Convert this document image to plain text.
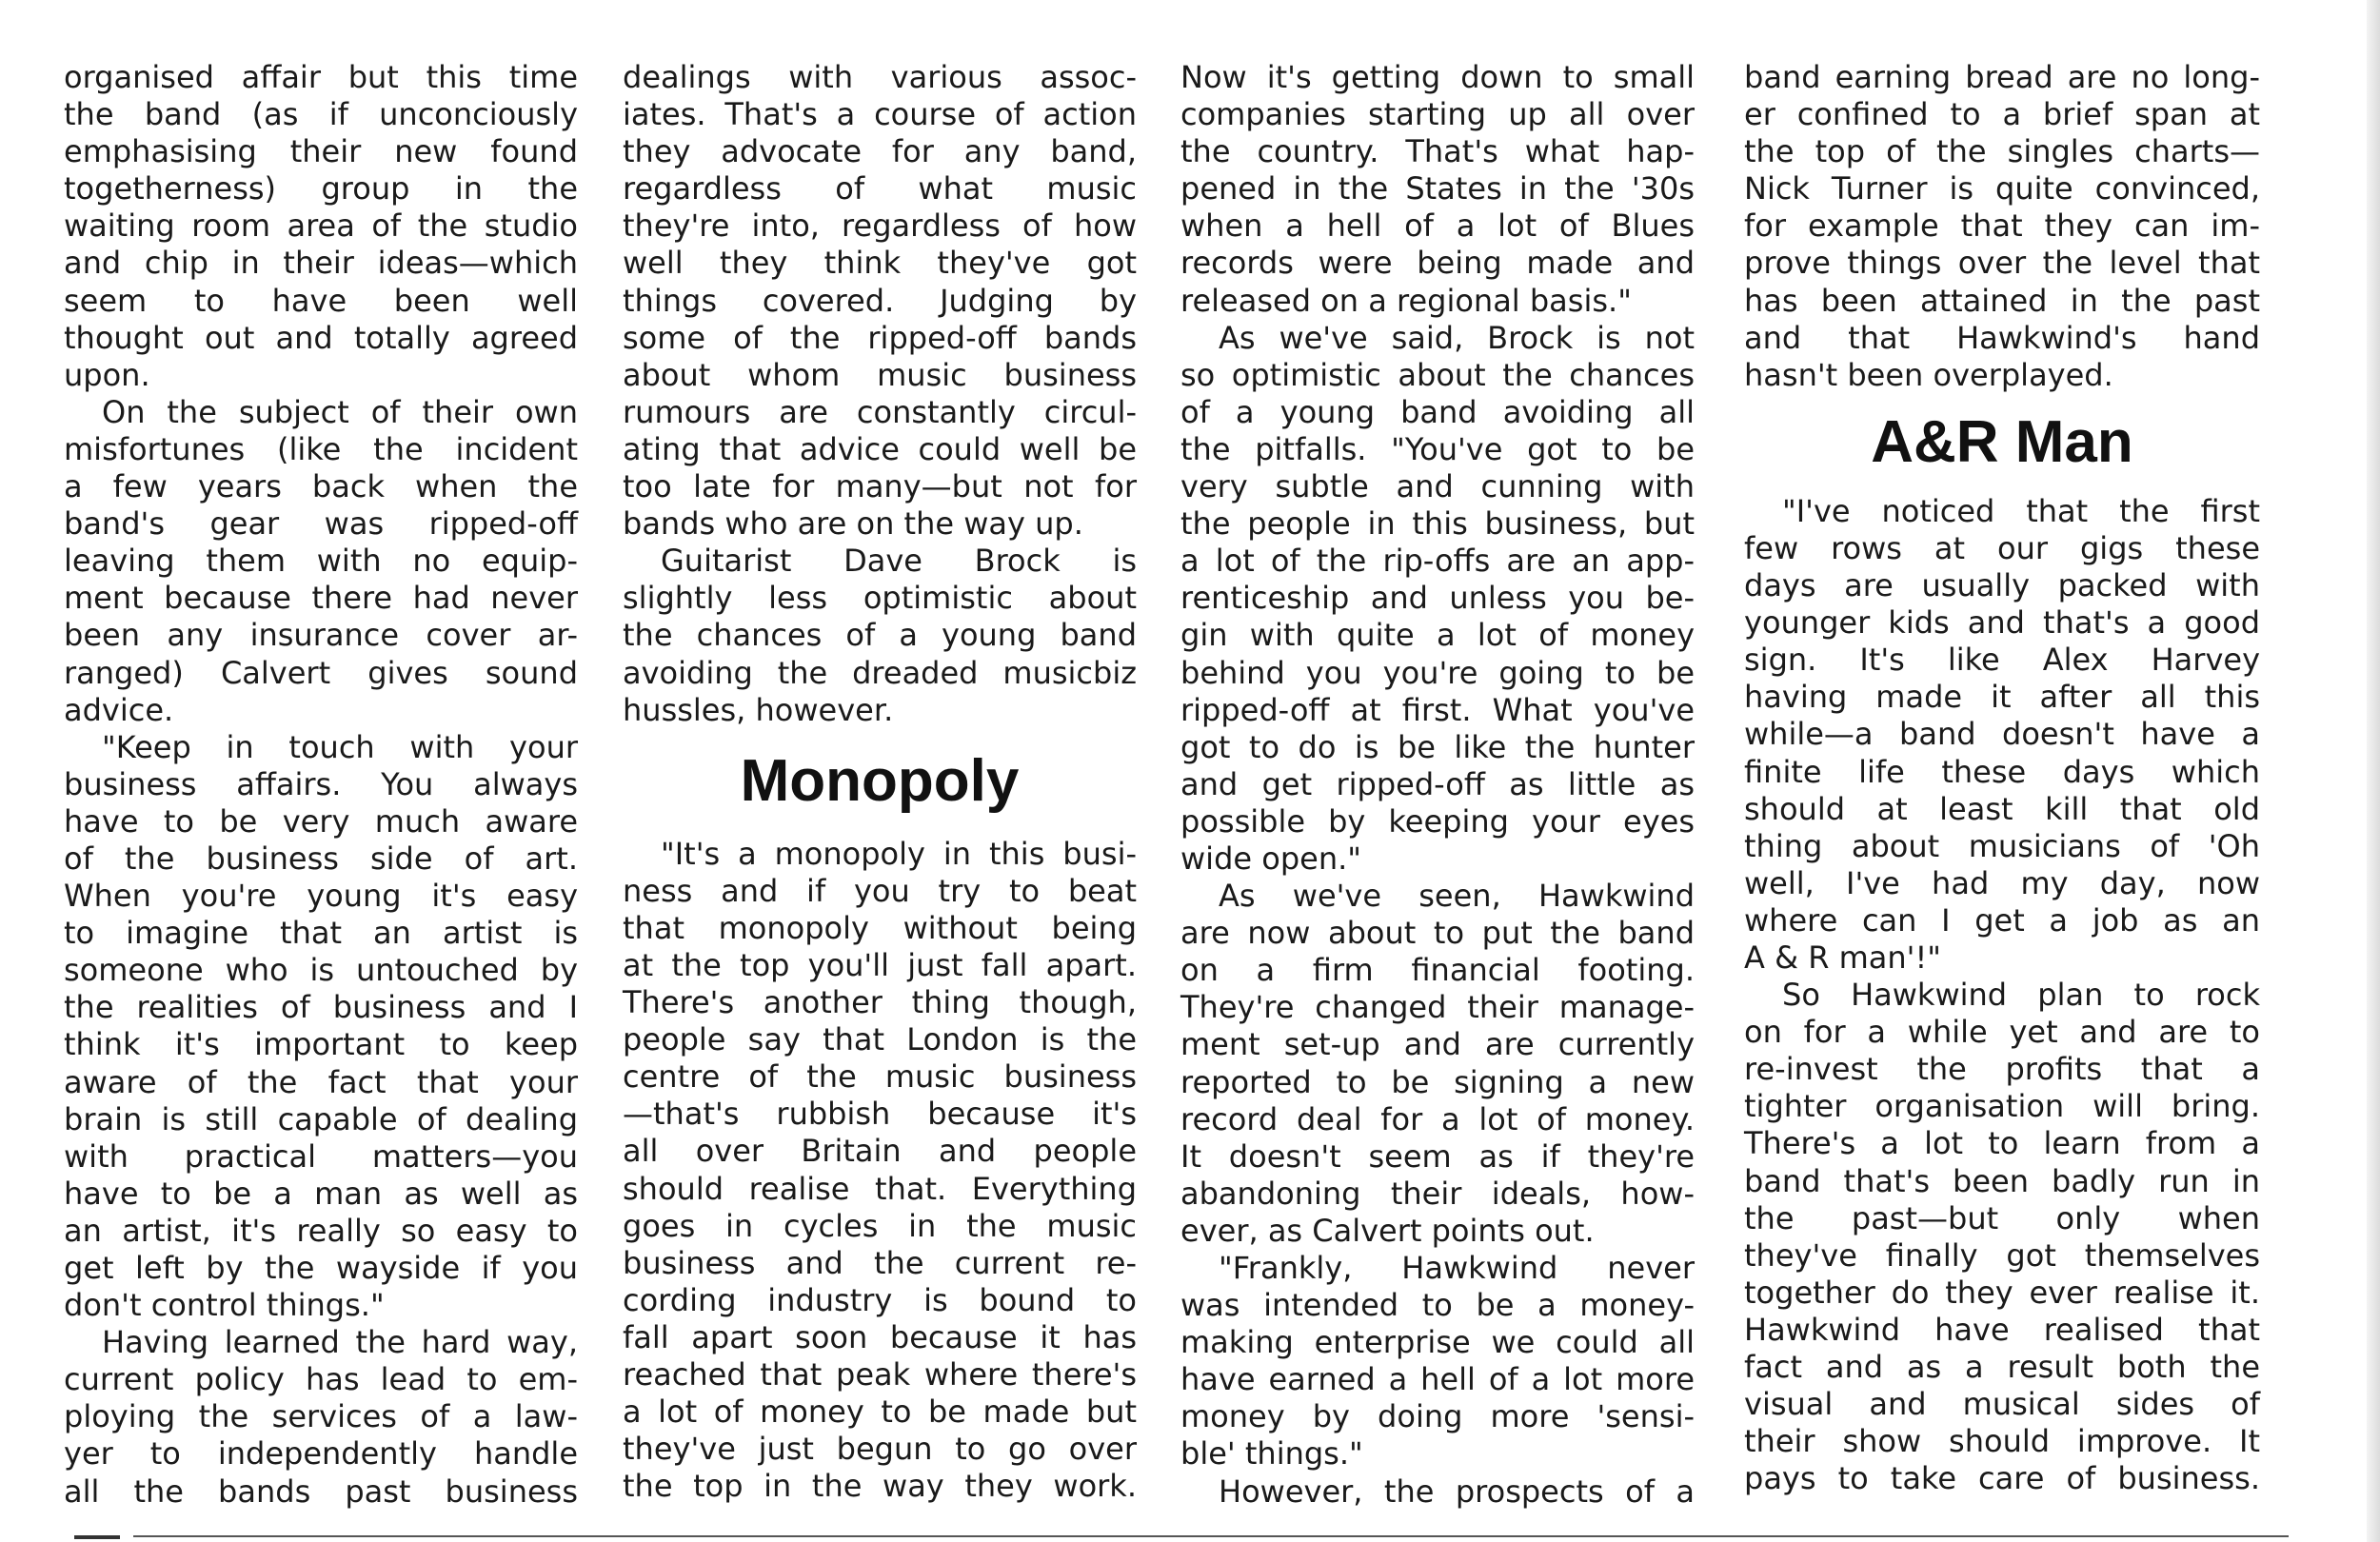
organised affair but this time
the band (as if unconciously
emphasising their new found
togetherness) group in the
waiting room area of the studio
and chip in their ideas—which
seem to have been well
thought out and totally agreed
upon.
On the subject of their own
misfortunes (like the incident
a few years back when the
band's gear was ripped-off
leaving them with no equip-
ment because there had never
been any insurance cover ar-
ranged) Calvert gives sound
advice.
"Keep in touch with your
business affairs. You always
have to be very much aware
of the business side of art.
When you're young it's easy
to imagine that an artist is
someone who is untouched by
the realities of business and I
think it's important to keep
aware of the fact that your
brain is still capable of dealing
with practical matters—you
have to be a man as well as
an artist, it's really so easy to
get left by the wayside if you
don't control things."
Having learned the hard way,
current policy has lead to em-
ploying the services of a law-
yer to independently handle
all the bands past business
dealings with various assoc-
iates. That's a course of action
they advocate for any band,
regardless of what music
they're into, regardless of how
well they think they've got
things covered. Judging by
some of the ripped-off bands
about whom music business
rumours are constantly circul-
ating that advice could well be
too late for many—but not for
bands who are on the way up.
Guitarist Dave Brock is
slightly less optimistic about
the chances of a young band
avoiding the dreaded musicbiz
hussles, however.
Monopoly
"It's a monopoly in this busi-
ness and if you try to beat
that monopoly without being
at the top you'll just fall apart.
There's another thing though,
people say that London is the
centre of the music business
—that's rubbish because it's
all over Britain and people
should realise that. Everything
goes in cycles in the music
business and the current re-
cording industry is bound to
fall apart soon because it has
reached that peak where there's
a lot of money to be made but
they've just begun to go over
the top in the way they work.
Now it's getting down to small
companies starting up all over
the country. That's what hap-
pened in the States in the '30s
when a hell of a lot of Blues
records were being made and
released on a regional basis."
As we've said, Brock is not
so optimistic about the chances
of a young band avoiding all
the pitfalls. "You've got to be
very subtle and cunning with
the people in this business, but
a lot of the rip-offs are an app-
renticeship and unless you be-
gin with quite a lot of money
behind you you're going to be
ripped-off at first. What you've
got to do is be like the hunter
and get ripped-off as little as
possible by keeping your eyes
wide open."
As we've seen, Hawkwind
are now about to put the band
on a firm financial footing.
They're changed their manage-
ment set-up and are currently
reported to be signing a new
record deal for a lot of money.
It doesn't seem as if they're
abandoning their ideals, how-
ever, as Calvert points out.
"Frankly, Hawkwind never
was intended to be a money-
making enterprise we could all
have earned a hell of a lot more
money by doing more 'sensi-
ble' things."
However, the prospects of a
band earning bread are no long-
er confined to a brief span at
the top of the singles charts—
Nick Turner is quite convinced,
for example that they can im-
prove things over the level that
has been attained in the past
and that Hawkwind's hand
hasn't been overplayed.
A&R Man
"I've noticed that the first
few rows at our gigs these
days are usually packed with
younger kids and that's a good
sign. It's like Alex Harvey
having made it after all this
while—a band doesn't have a
finite life these days which
should at least kill that old
thing about musicians of 'Oh
well, I've had my day, now
where can I get a job as an
A & R man'!"
So Hawkwind plan to rock
on for a while yet and are to
re-invest the profits that a
tighter organisation will bring.
There's a lot to learn from a
band that's been badly run in
the past—but only when
they've finally got themselves
together do they ever realise it.
Hawkwind have realised that
fact and as a result both the
visual and musical sides of
their show should improve. It
pays to take care of business.
